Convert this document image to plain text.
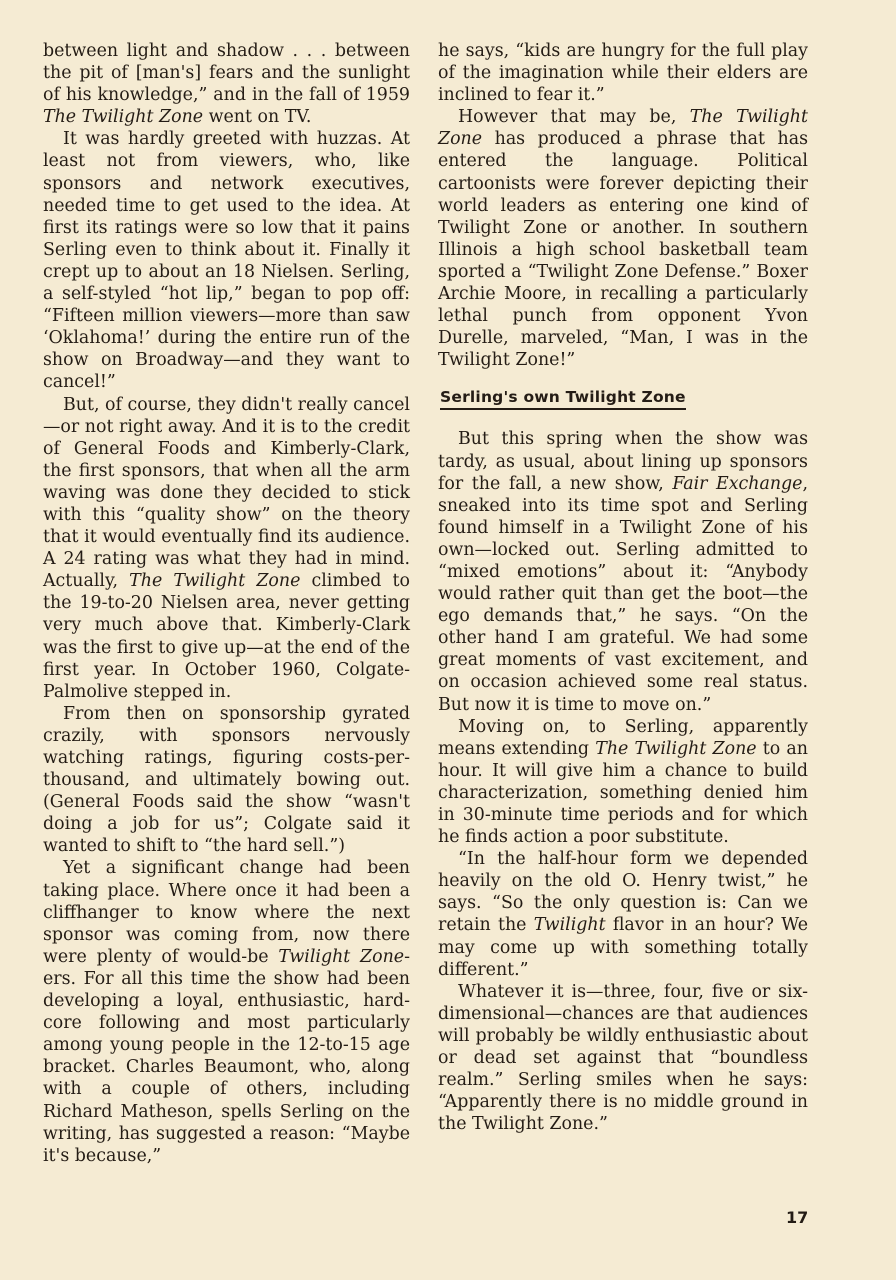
between light and shadow . . . between the pit of [man's] fears and the sunlight of his knowledge,” and in the fall of 1959 The Twilight Zone went on TV.

It was hardly greeted with huzzas. At least not from viewers, who, like sponsors and network executives, needed time to get used to the idea. At first its ratings were so low that it pains Serling even to think about it. Finally it crept up to about an 18 Nielsen. Serling, a self-styled “hot lip,” began to pop off: “Fifteen million viewers—more than saw ‘Oklahoma!’ during the entire run of the show on Broadway—and they want to cancel!”

But, of course, they didn't really cancel—or not right away. And it is to the credit of General Foods and Kimberly-Clark, the first sponsors, that when all the arm waving was done they decided to stick with this “quality show” on the theory that it would eventually find its audience. A 24 rating was what they had in mind. Actually, The Twilight Zone climbed to the 19-to-20 Nielsen area, never getting very much above that. Kimberly-Clark was the first to give up—at the end of the first year. In October 1960, Colgate-Palmolive stepped in.

From then on sponsorship gyrated crazily, with sponsors nervously watching ratings, figuring costs-per-thousand, and ultimately bowing out. (General Foods said the show “wasn't doing a job for us”; Colgate said it wanted to shift to “the hard sell.”)

Yet a significant change had been taking place. Where once it had been a cliffhanger to know where the next sponsor was coming from, now there were plenty of would-be Twilight Zone-ers. For all this time the show had been developing a loyal, enthusiastic, hard-core following and most particularly among young people in the 12-to-15 age bracket. Charles Beaumont, who, along with a couple of others, including Richard Matheson, spells Serling on the writing, has suggested a reason: “Maybe it's because,”

he says, “kids are hungry for the full play of the imagination while their elders are inclined to fear it.”

However that may be, The Twilight Zone has produced a phrase that has entered the language. Political cartoonists were forever depicting their world leaders as entering one kind of Twilight Zone or another. In southern Illinois a high school basketball team sported a “Twilight Zone Defense.” Boxer Archie Moore, in recalling a particularly lethal punch from opponent Yvon Durelle, marveled, “Man, I was in the Twilight Zone!”

Serling's own Twilight Zone

But this spring when the show was tardy, as usual, about lining up sponsors for the fall, a new show, Fair Exchange, sneaked into its time spot and Serling found himself in a Twilight Zone of his own—locked out. Serling admitted to “mixed emotions” about it: “Anybody would rather quit than get the boot—the ego demands that,” he says. “On the other hand I am grateful. We had some great moments of vast excitement, and on occasion achieved some real status. But now it is time to move on.”

Moving on, to Serling, apparently means extending The Twilight Zone to an hour. It will give him a chance to build characterization, something denied him in 30-minute time periods and for which he finds action a poor substitute.

“In the half-hour form we depended heavily on the old O. Henry twist,” he says. “So the only question is: Can we retain the Twilight flavor in an hour? We may come up with something totally different.”

Whatever it is—three, four, five or six-dimensional—chances are that audiences will probably be wildly enthusiastic about or dead set against that “boundless realm.” Serling smiles when he says: “Apparently there is no middle ground in the Twilight Zone.”

17
